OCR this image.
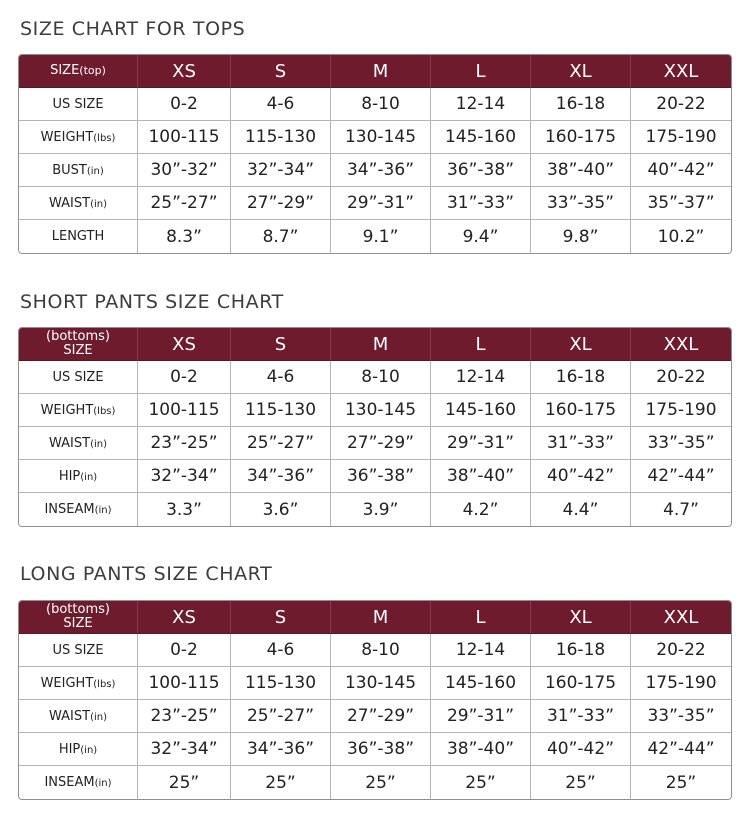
SIZE CHART FOR TOPS
SIZE(top)	XS	S	M	L	XL	XXL
US SIZE	0-2	4-6	8-10	12-14	16-18	20-22
WEIGHT(lbs)	100-115	115-130	130-145	145-160	160-175	175-190
BUST(in)	30”-32”	32”-34”	34”-36”	36”-38”	38”-40”	40”-42”
WAIST(in)	25”-27”	27”-29”	29”-31”	31”-33”	33”-35”	35”-37”
LENGTH	8.3”	8.7”	9.1”	9.4”	9.8”	10.2”
SHORT PANTS SIZE CHART
(bottoms)
SIZE	XS	S	M	L	XL	XXL
US SIZE	0-2	4-6	8-10	12-14	16-18	20-22
WEIGHT(lbs)	100-115	115-130	130-145	145-160	160-175	175-190
WAIST(in)	23”-25”	25”-27”	27”-29”	29”-31”	31”-33”	33”-35”
HIP(in)	32”-34”	34”-36”	36”-38”	38”-40”	40”-42”	42”-44”
INSEAM(in)	3.3”	3.6”	3.9”	4.2”	4.4”	4.7”
LONG PANTS SIZE CHART
(bottoms)
SIZE	XS	S	M	L	XL	XXL
US SIZE	0-2	4-6	8-10	12-14	16-18	20-22
WEIGHT(lbs)	100-115	115-130	130-145	145-160	160-175	175-190
WAIST(in)	23”-25”	25”-27”	27”-29”	29”-31”	31”-33”	33”-35”
HIP(in)	32”-34”	34”-36”	36”-38”	38”-40”	40”-42”	42”-44”
INSEAM(in)	25”	25”	25”	25”	25”	25”
